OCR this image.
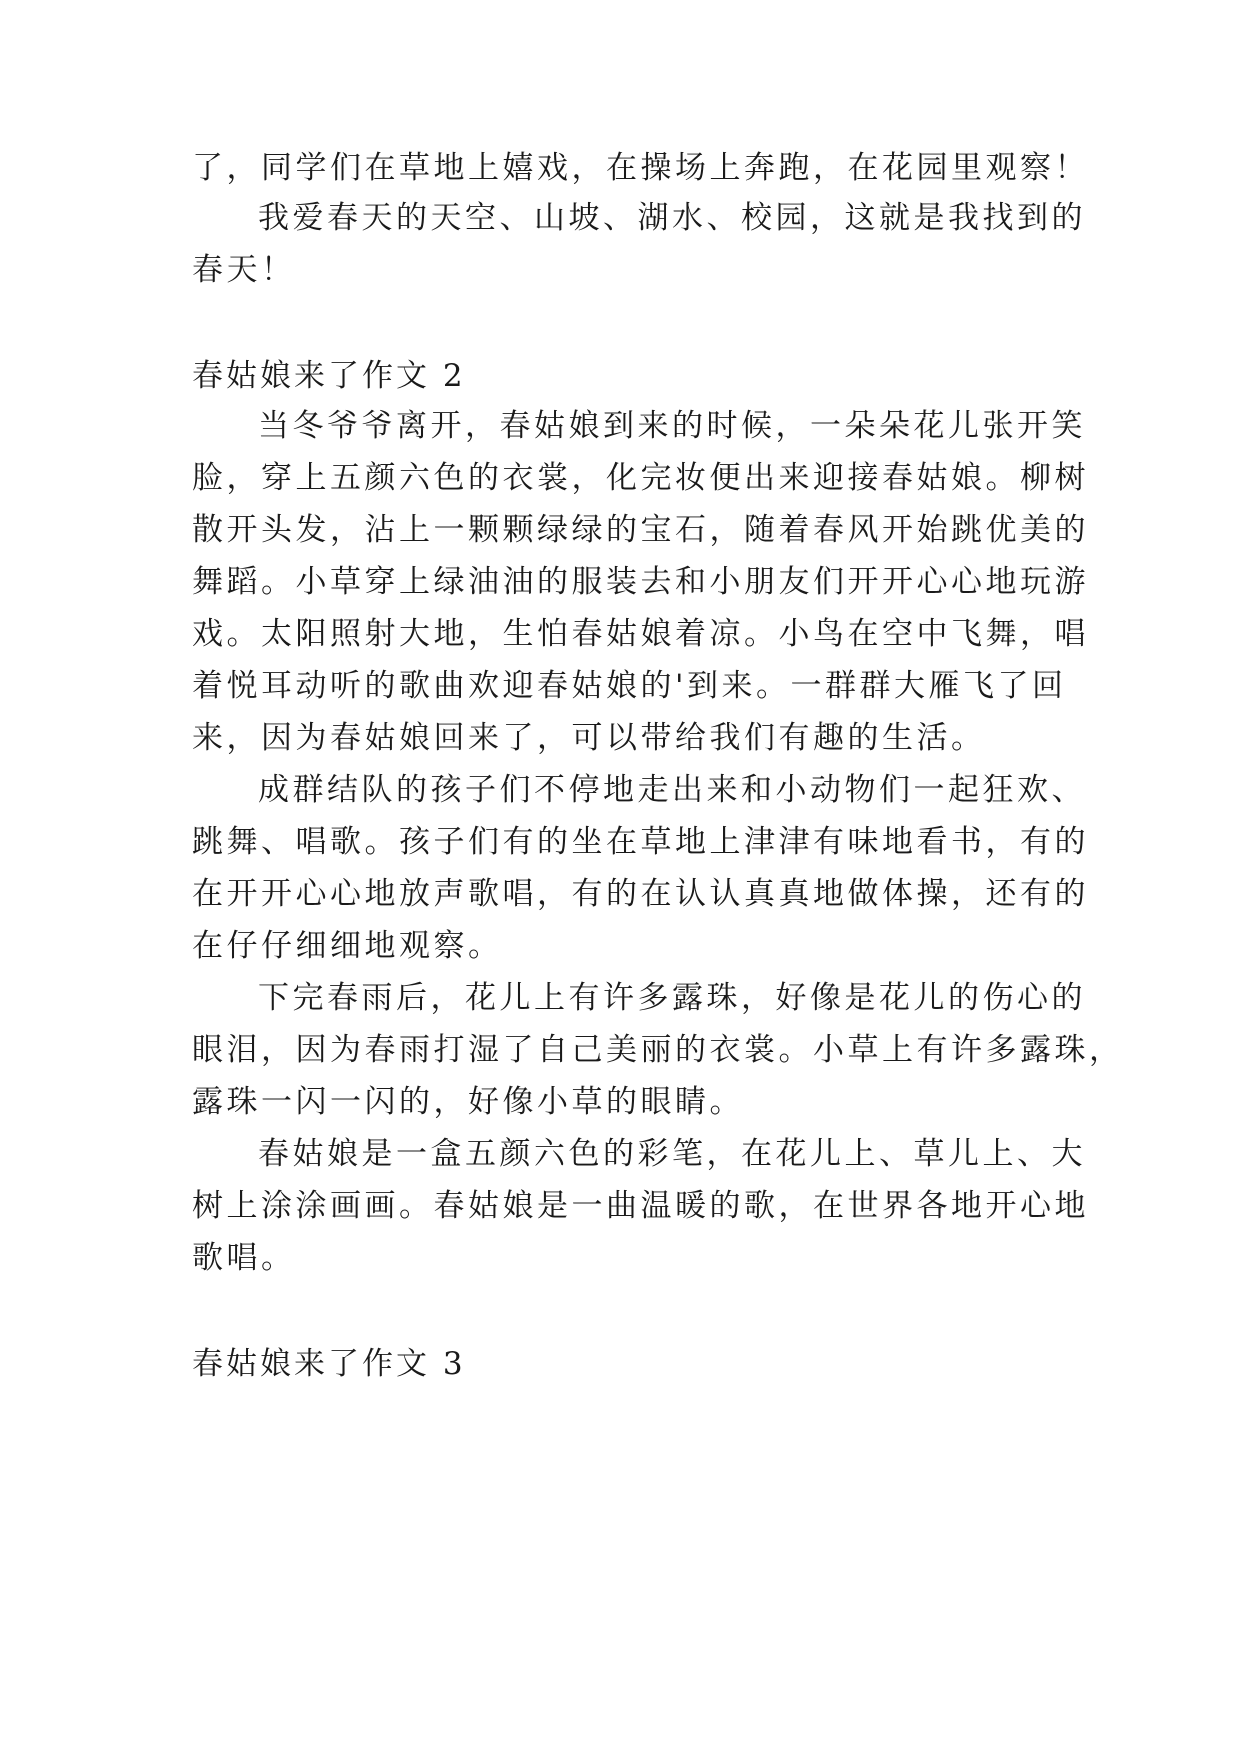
了，同学们在草地上嬉戏，在操场上奔跑，在花园里观察！
我爱春天的天空、山坡、湖水、校园，这就是我找到的
春天！
春姑娘来了作文 2
当冬爷爷离开，春姑娘到来的时候，一朵朵花儿张开笑
脸，穿上五颜六色的衣裳，化完妆便出来迎接春姑娘。柳树
散开头发，沾上一颗颗绿绿的宝石，随着春风开始跳优美的
舞蹈。小草穿上绿油油的服装去和小朋友们开开心心地玩游
戏。太阳照射大地，生怕春姑娘着凉。小鸟在空中飞舞，唱
着悦耳动听的歌曲欢迎春姑娘的'到来。一群群大雁飞了回
来，因为春姑娘回来了，可以带给我们有趣的生活。
成群结队的孩子们不停地走出来和小动物们一起狂欢、
跳舞、唱歌。孩子们有的坐在草地上津津有味地看书，有的
在开开心心地放声歌唱，有的在认认真真地做体操，还有的
在仔仔细细地观察。
下完春雨后，花儿上有许多露珠，好像是花儿的伤心的
眼泪，因为春雨打湿了自己美丽的衣裳。小草上有许多露珠，
露珠一闪一闪的，好像小草的眼睛。
春姑娘是一盒五颜六色的彩笔，在花儿上、草儿上、大
树上涂涂画画。春姑娘是一曲温暖的歌，在世界各地开心地
歌唱。
春姑娘来了作文 3
